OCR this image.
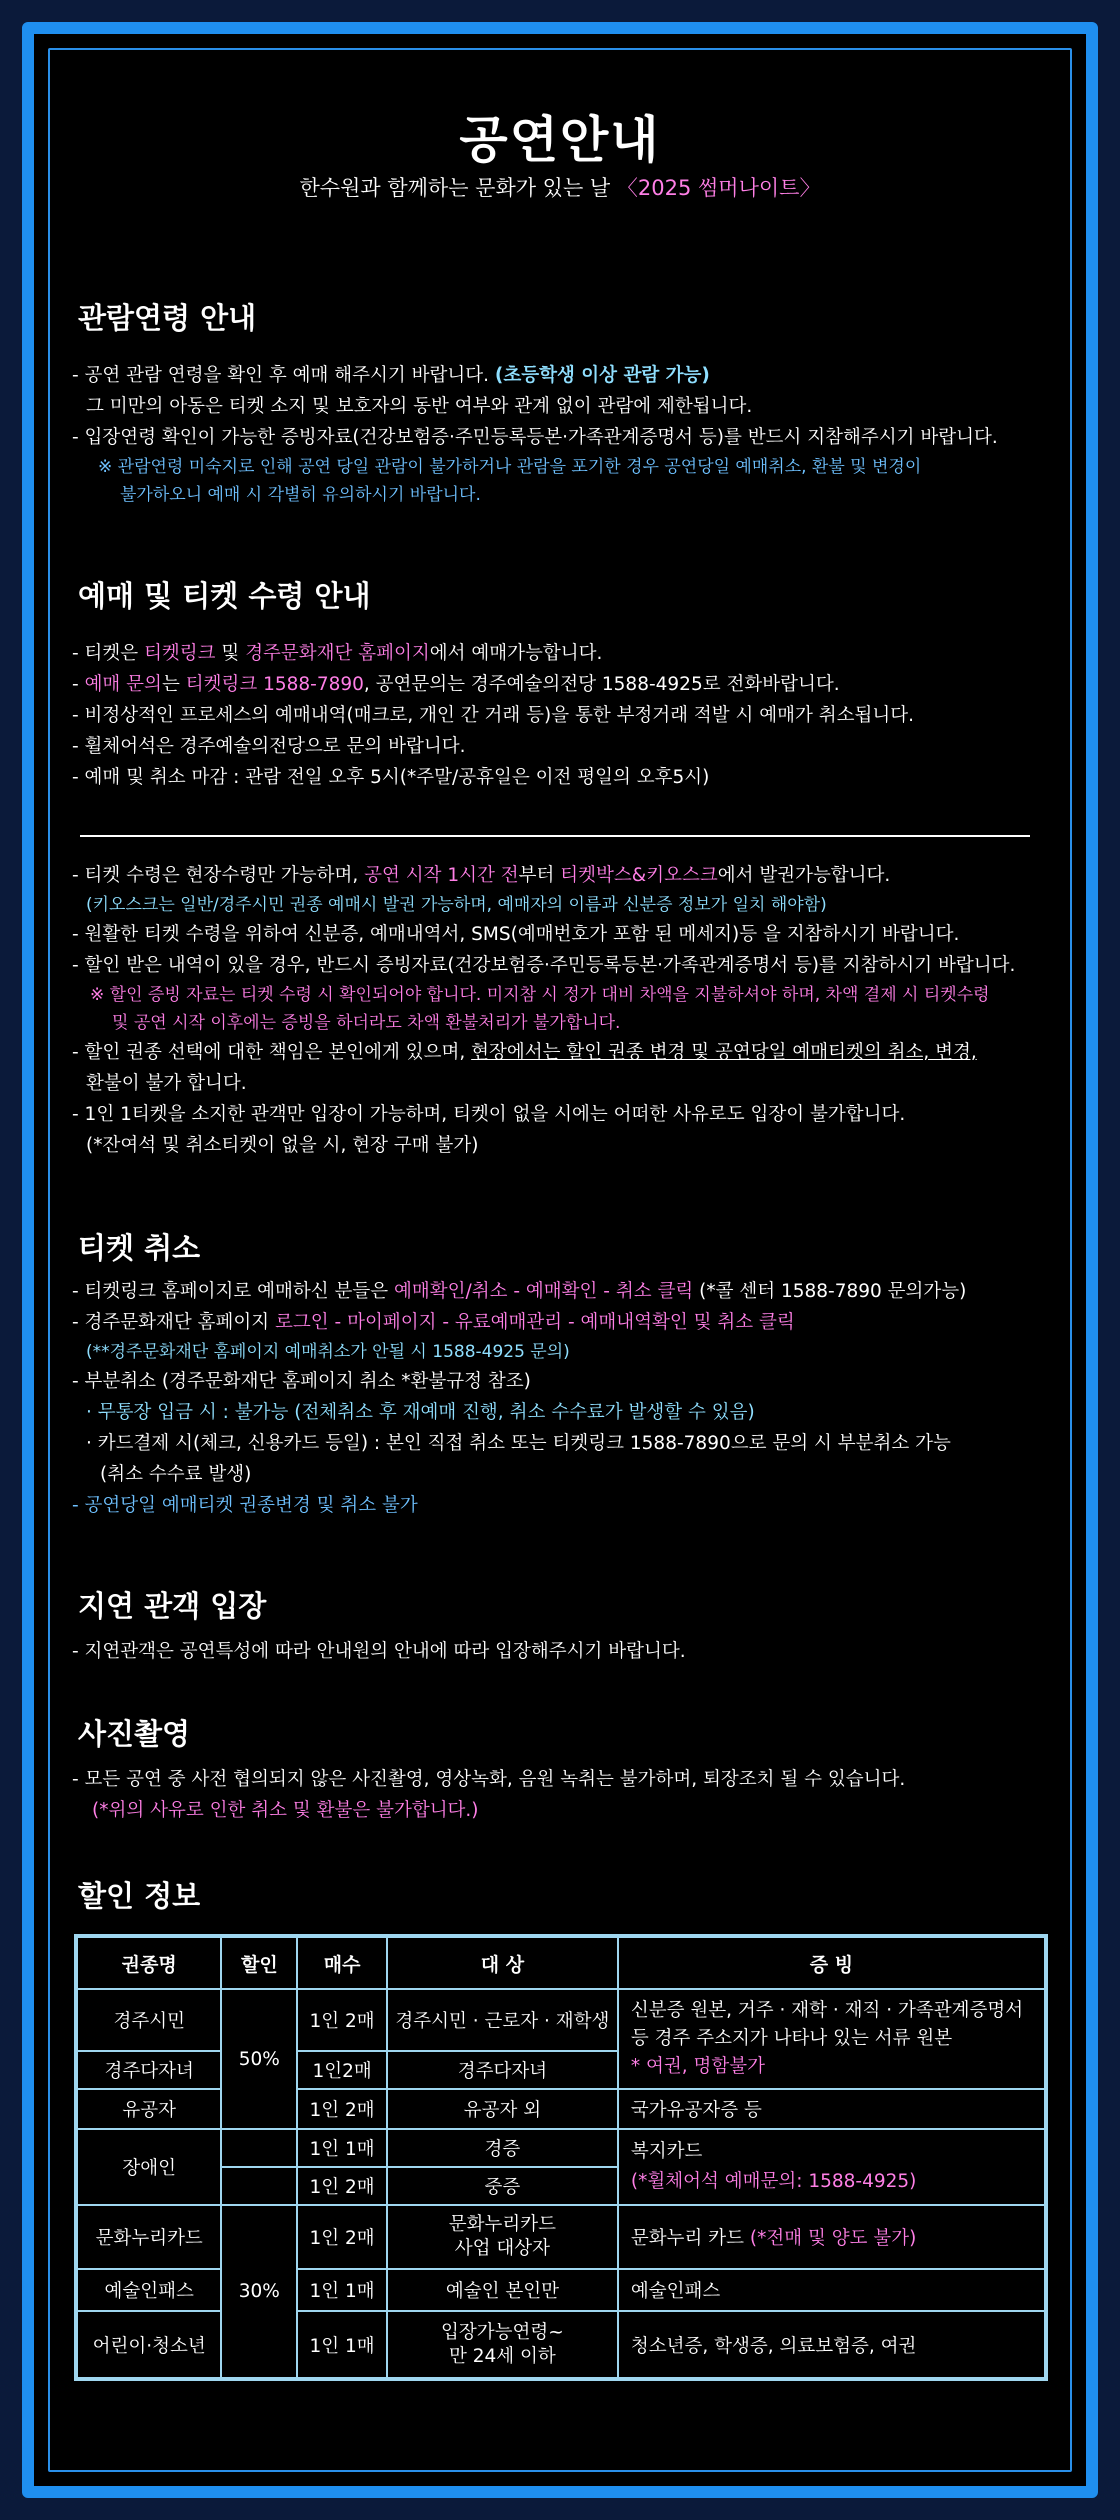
공연안내
한수원과 함께하는 문화가 있는 날 〈2025 썸머나이트〉
관람연령 안내
- 공연 관람 연령을 확인 후 예매 해주시기 바랍니다. (초등학생 이상 관람 가능)
그 미만의 아동은 티켓 소지 및 보호자의 동반 여부와 관계 없이 관람에 제한됩니다.
- 입장연령 확인이 가능한 증빙자료(건강보험증·주민등록등본·가족관계증명서 등)를 반드시 지참해주시기 바랍니다.
※ 관람연령 미숙지로 인해 공연 당일 관람이 불가하거나 관람을 포기한 경우 공연당일 예매취소, 환불 및 변경이
불가하오니 예매 시 각별히 유의하시기 바랍니다.
예매 및 티켓 수령 안내
- 티켓은 티켓링크 및 경주문화재단 홈페이지에서 예매가능합니다.
- 예매 문의는 티켓링크 1588-7890, 공연문의는 경주예술의전당 1588-4925로 전화바랍니다.
- 비정상적인 프로세스의 예매내역(매크로, 개인 간 거래 등)을 통한 부정거래 적발 시 예매가 취소됩니다.
- 휠체어석은 경주예술의전당으로 문의 바랍니다.
- 예매 및 취소 마감 : 관람 전일 오후 5시(*주말/공휴일은 이전 평일의 오후5시)
- 티켓 수령은 현장수령만 가능하며, 공연 시작 1시간 전부터 티켓박스&키오스크에서 발권가능합니다.
(키오스크는 일반/경주시민 권종 예매시 발권 가능하며, 예매자의 이름과 신분증 정보가 일치 해야함)
- 원활한 티켓 수령을 위하여 신분증, 예매내역서, SMS(예매번호가 포함 된 메세지)등 을 지참하시기 바랍니다.
- 할인 받은 내역이 있을 경우, 반드시 증빙자료(건강보험증·주민등록등본·가족관계증명서 등)를 지참하시기 바랍니다.
※ 할인 증빙 자료는 티켓 수령 시 확인되어야 합니다. 미지참 시 정가 대비 차액을 지불하셔야 하며, 차액 결제 시 티켓수령
및 공연 시작 이후에는 증빙을 하더라도 차액 환불처리가 불가합니다.
- 할인 권종 선택에 대한 책임은 본인에게 있으며, 현장에서는 할인 권종 변경 및 공연당일 예매티켓의 취소, 변경,
환불이 불가 합니다.
- 1인 1티켓을 소지한 관객만 입장이 가능하며, 티켓이 없을 시에는 어떠한 사유로도 입장이 불가합니다.
(*잔여석 및 취소티켓이 없을 시, 현장 구매 불가)
티켓 취소
- 티켓링크 홈페이지로 예매하신 분들은 예매확인/취소 - 예매확인 - 취소 클릭 (*콜 센터 1588-7890 문의가능)
- 경주문화재단 홈페이지 로그인 - 마이페이지 - 유료예매관리 - 예매내역확인 및 취소 클릭
(**경주문화재단 홈페이지 예매취소가 안될 시 1588-4925 문의)
- 부분취소 (경주문화재단 홈페이지 취소 *환불규정 참조)
· 무통장 입금 시 : 불가능 (전체취소 후 재예매 진행, 취소 수수료가 발생할 수 있음)
· 카드결제 시(체크, 신용카드 등일) : 본인 직접 취소 또는 티켓링크 1588-7890으로 문의 시 부분취소 가능
(취소 수수료 발생)
- 공연당일 예매티켓 권종변경 및 취소 불가
지연 관객 입장
- 지연관객은 공연특성에 따라 안내원의 안내에 따라 입장해주시기 바랍니다.
사진촬영
- 모든 공연 중 사전 협의되지 않은 사진촬영, 영상녹화, 음원 녹취는 불가하며, 퇴장조치 될 수 있습니다.
(*위의 사유로 인한 취소 및 환불은 불가합니다.)
할인 정보
권종명	할인	매수	대 상	증 빙
경주시민	50%	1인 2매	경주시민 · 근로자 · 재학생	신분증 원본, 거주 · 재학 · 재직 · 가족관계증명서
등 경주 주소지가 나타나 있는 서류 원본
* 여권, 명함불가

경주다자녀		1인2매	경주다자녀	
유공자		1인 2매	유공자 외	국가유공자증 등
장애인		1인 1매	경증	복지카드
(*휠체어석 예매문의: 1588-4925)

		1인 2매	중증	
문화누리카드	30%	1인 2매	문화누리카드
사업 대상자	문화누리 카드 (*전매 및 양도 불가)
예술인패스		1인 1매	예술인 본인만	예술인패스
어린이·청소년		1인 1매	입장가능연령~
만 24세 이하	청소년증, 학생증, 의료보험증, 여권
